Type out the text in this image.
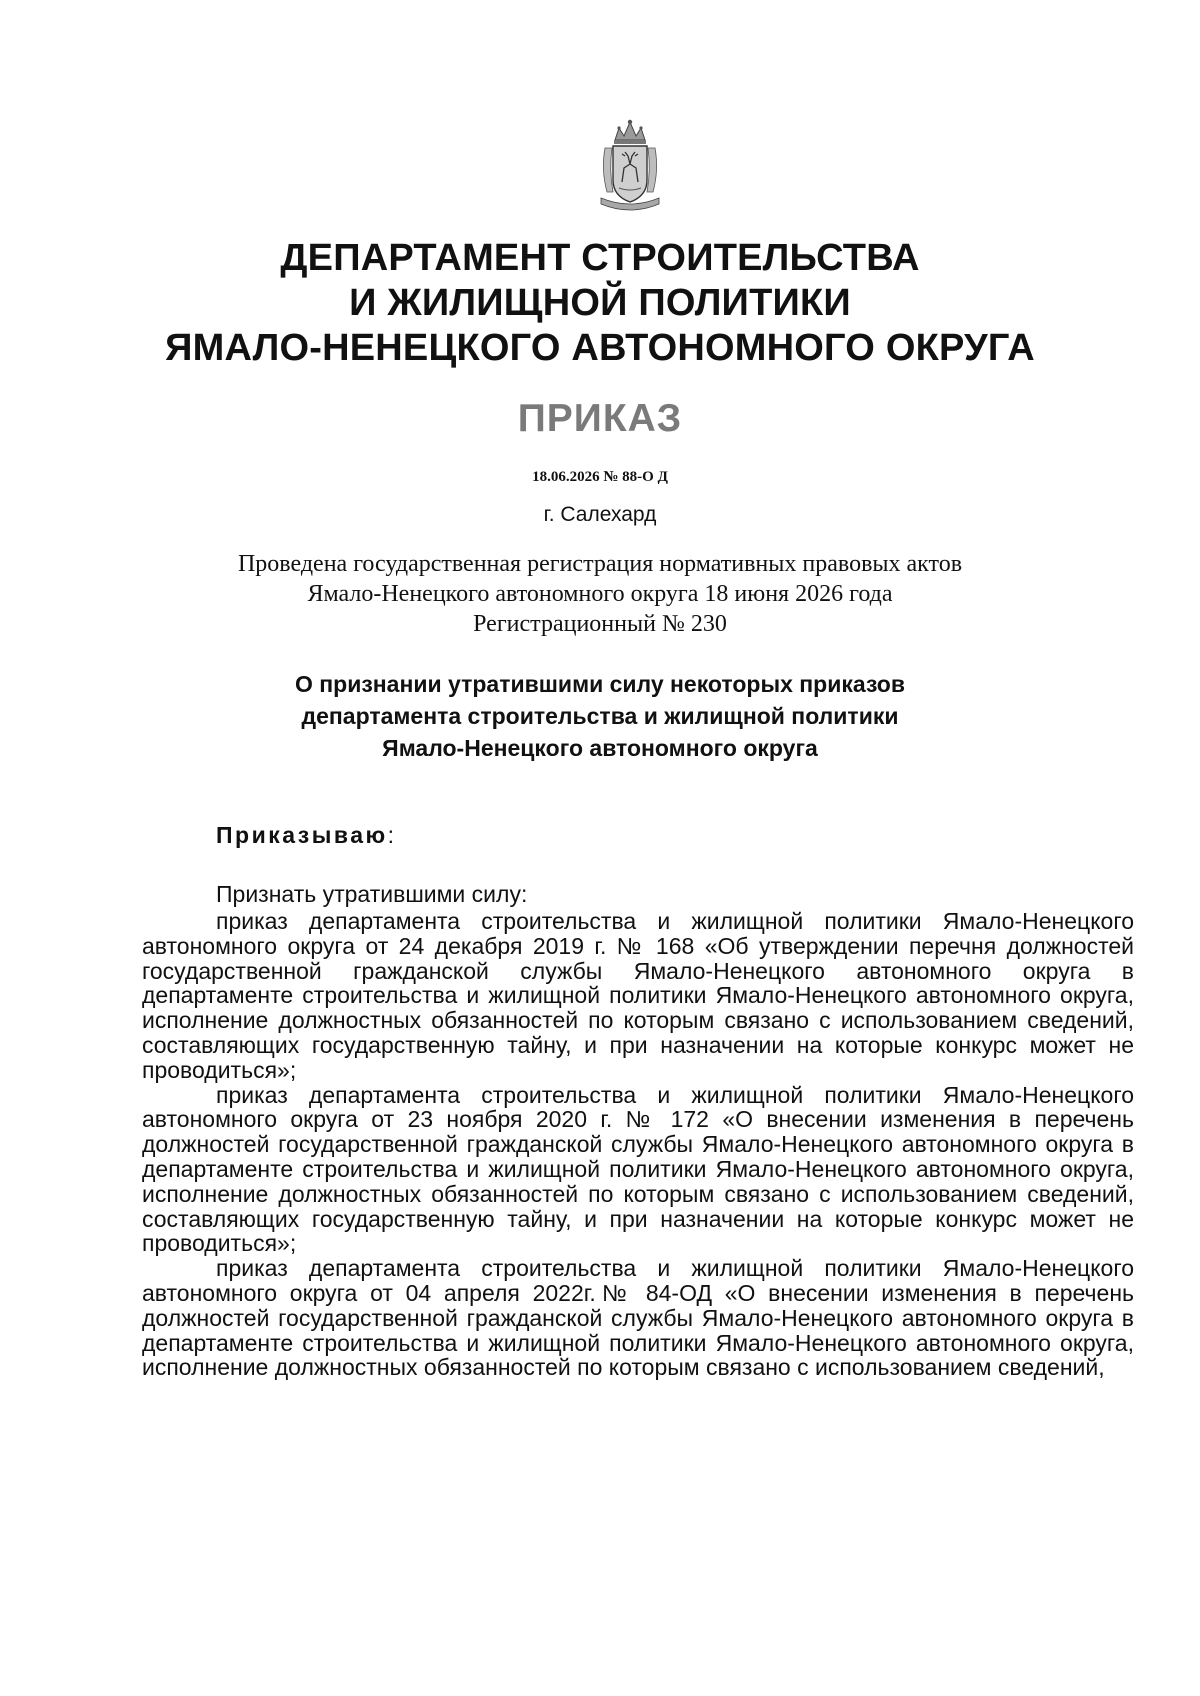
ДЕПАРТАМЕНТ СТРОИТЕЛЬСТВА
И ЖИЛИЩНОЙ ПОЛИТИКИ
ЯМАЛО-НЕНЕЦКОГО АВТОНОМНОГО ОКРУГА
ПРИКАЗ
18.06.2026 № 88-О Д
г. Салехард
Проведена государственная регистрация нормативных правовых актов
Ямало-Ненецкого автономного округа 18 июня 2026 года
Регистрационный № 230
О признании утратившими силу некоторых приказов
департамента строительства и жилищной политики
Ямало-Ненецкого автономного округа
Приказываю:
Признать утратившими силу:

приказ департамента строительства и жилищной политики Ямало-Ненецкого автономного округа от 24 декабря 2019 г. № 168 «Об утверждении перечня должностей государственной гражданской службы Ямало-Ненецкого автономного округа в департаменте строительства и жилищной политики Ямало-Ненецкого автономного округа, исполнение должностных обязанностей по которым связано с использованием сведений, составляющих государственную тайну, и при назначении на которые конкурс может не проводиться»;

приказ департамента строительства и жилищной политики Ямало-Ненецкого автономного округа от 23 ноября 2020 г. № 172 «О внесении изменения в перечень должностей государственной гражданской службы Ямало-Ненецкого автономного округа в департаменте строительства и жилищной политики Ямало-Ненецкого автономного округа, исполнение должностных обязанностей по которым связано с использованием сведений, составляющих государственную тайну, и при назначении на которые конкурс может не проводиться»;

приказ департамента строительства и жилищной политики Ямало-Ненецкого автономного округа от 04 апреля 2022г.№ 84-ОД «О внесении изменения в перечень должностей государственной гражданской службы Ямало-Ненецкого автономного округа в департаменте строительства и жилищной политики Ямало-Ненецкого автономного округа, исполнение должностных обязанностей по которым связано с использованием сведений,
